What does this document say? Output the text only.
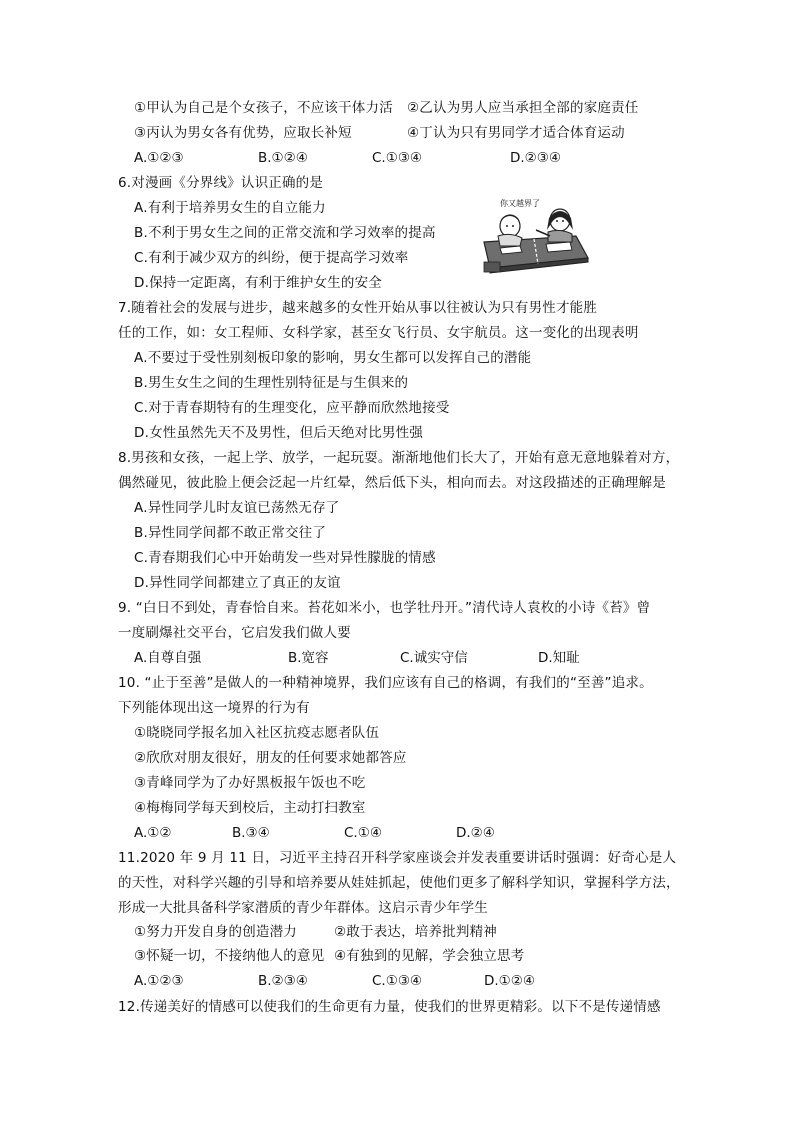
①甲认为自己是个女孩子，不应该干体力活 ②乙认为男人应当承担全部的家庭责任
③丙认为男女各有优势，应取长补短	④丁认为只有男同学才适合体育运动
A.①②③	B.①②④	C.①③④	D.②③④
6.对漫画《分界线》认识正确的是
A.有利于培养男女生的自立能力
B.不利于男女生之间的正常交流和学习效率的提高
C.有利于减少双方的纠纷，便于提高学习效率
D.保持一定距离，有利于维护女生的安全
你又越界了
7.随着社会的发展与进步，越来越多的女性开始从事以往被认为只有男性才能胜
任的工作，如：女工程师、女科学家，甚至女飞行员、女宇航员。这一变化的出现表明
A.不要过于受性别刻板印象的影响，男女生都可以发挥自己的潜能
B.男生女生之间的生理性别特征是与生俱来的
C.对于青春期特有的生理变化，应平静而欣然地接受
D.女性虽然先天不及男性，但后天绝对比男性强
8.男孩和女孩，一起上学、放学，一起玩耍。渐渐地他们长大了，开始有意无意地躲着对方，
偶然碰见，彼此脸上便会泛起一片红晕，然后低下头，相向而去。对这段描述的正确理解是
A.异性同学儿时友谊已荡然无存了
B.异性同学间都不敢正常交往了
C.青春期我们心中开始萌发一些对异性朦胧的情感
D.异性同学间都建立了真正的友谊
9. “白日不到处，青春恰自来。苔花如米小，也学牡丹开。”清代诗人袁枚的小诗《苔》曾
一度刷爆社交平台，它启发我们做人要
A.自尊自强	B.宽容	C.诚实守信	D.知耻
10. “止于至善”是做人的一种精神境界，我们应该有自己的格调，有我们的“至善”追求。
下列能体现出这一境界的行为有
①晓晓同学报名加入社区抗疫志愿者队伍
②欣欣对朋友很好，朋友的任何要求她都答应
③青峰同学为了办好黑板报午饭也不吃
④梅梅同学每天到校后，主动打扫教室
A.①②	B.③④	C.①④	D.②④
11.2020 年 9 月 11 日，习近平主持召开科学家座谈会并发表重要讲话时强调：好奇心是人
的天性，对科学兴趣的引导和培养要从娃娃抓起，使他们更多了解科学知识，掌握科学方法，
形成一大批具备科学家潜质的青少年群体。这启示青少年学生
①努力开发自身的创造潜力	②敢于表达，培养批判精神
③怀疑一切，不接纳他人的意见 ④有独到的见解，学会独立思考
A.①②③	B.②③④	C.①③④	D.①②④
12.传递美好的情感可以使我们的生命更有力量，使我们的世界更精彩。以下不是传递情感
